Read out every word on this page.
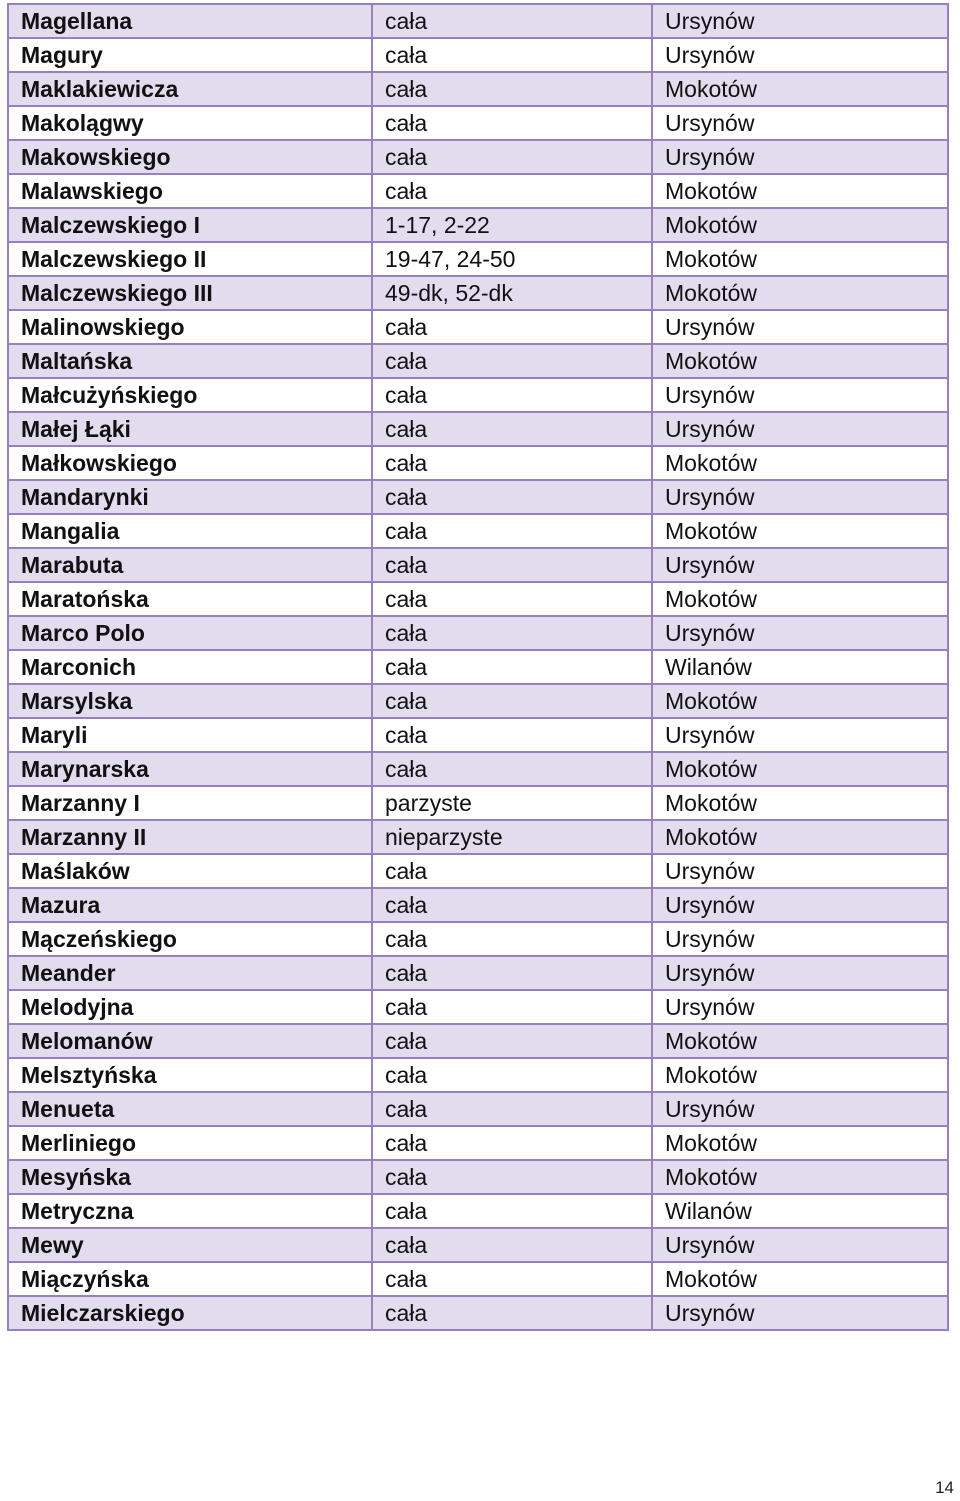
Magellana	cała	Ursynów
Magury	cała	Ursynów
Maklakiewicza	cała	Mokotów
Makolągwy	cała	Ursynów
Makowskiego	cała	Ursynów
Malawskiego	cała	Mokotów
Malczewskiego I	1-17, 2-22	Mokotów
Malczewskiego II	19-47, 24-50	Mokotów
Malczewskiego III	49-dk, 52-dk	Mokotów
Malinowskiego	cała	Ursynów
Maltańska	cała	Mokotów
Małcużyńskiego	cała	Ursynów
Małej Łąki	cała	Ursynów
Małkowskiego	cała	Mokotów
Mandarynki	cała	Ursynów
Mangalia	cała	Mokotów
Marabuta	cała	Ursynów
Maratońska	cała	Mokotów
Marco Polo	cała	Ursynów
Marconich	cała	Wilanów
Marsylska	cała	Mokotów
Maryli	cała	Ursynów
Marynarska	cała	Mokotów
Marzanny I	parzyste	Mokotów
Marzanny II	nieparzyste	Mokotów
Maślaków	cała	Ursynów
Mazura	cała	Ursynów
Mączeńskiego	cała	Ursynów
Meander	cała	Ursynów
Melodyjna	cała	Ursynów
Melomanów	cała	Mokotów
Melsztyńska	cała	Mokotów
Menueta	cała	Ursynów
Merliniego	cała	Mokotów
Mesyńska	cała	Mokotów
Metryczna	cała	Wilanów
Mewy	cała	Ursynów
Miączyńska	cała	Mokotów
Mielczarskiego	cała	Ursynów
14
